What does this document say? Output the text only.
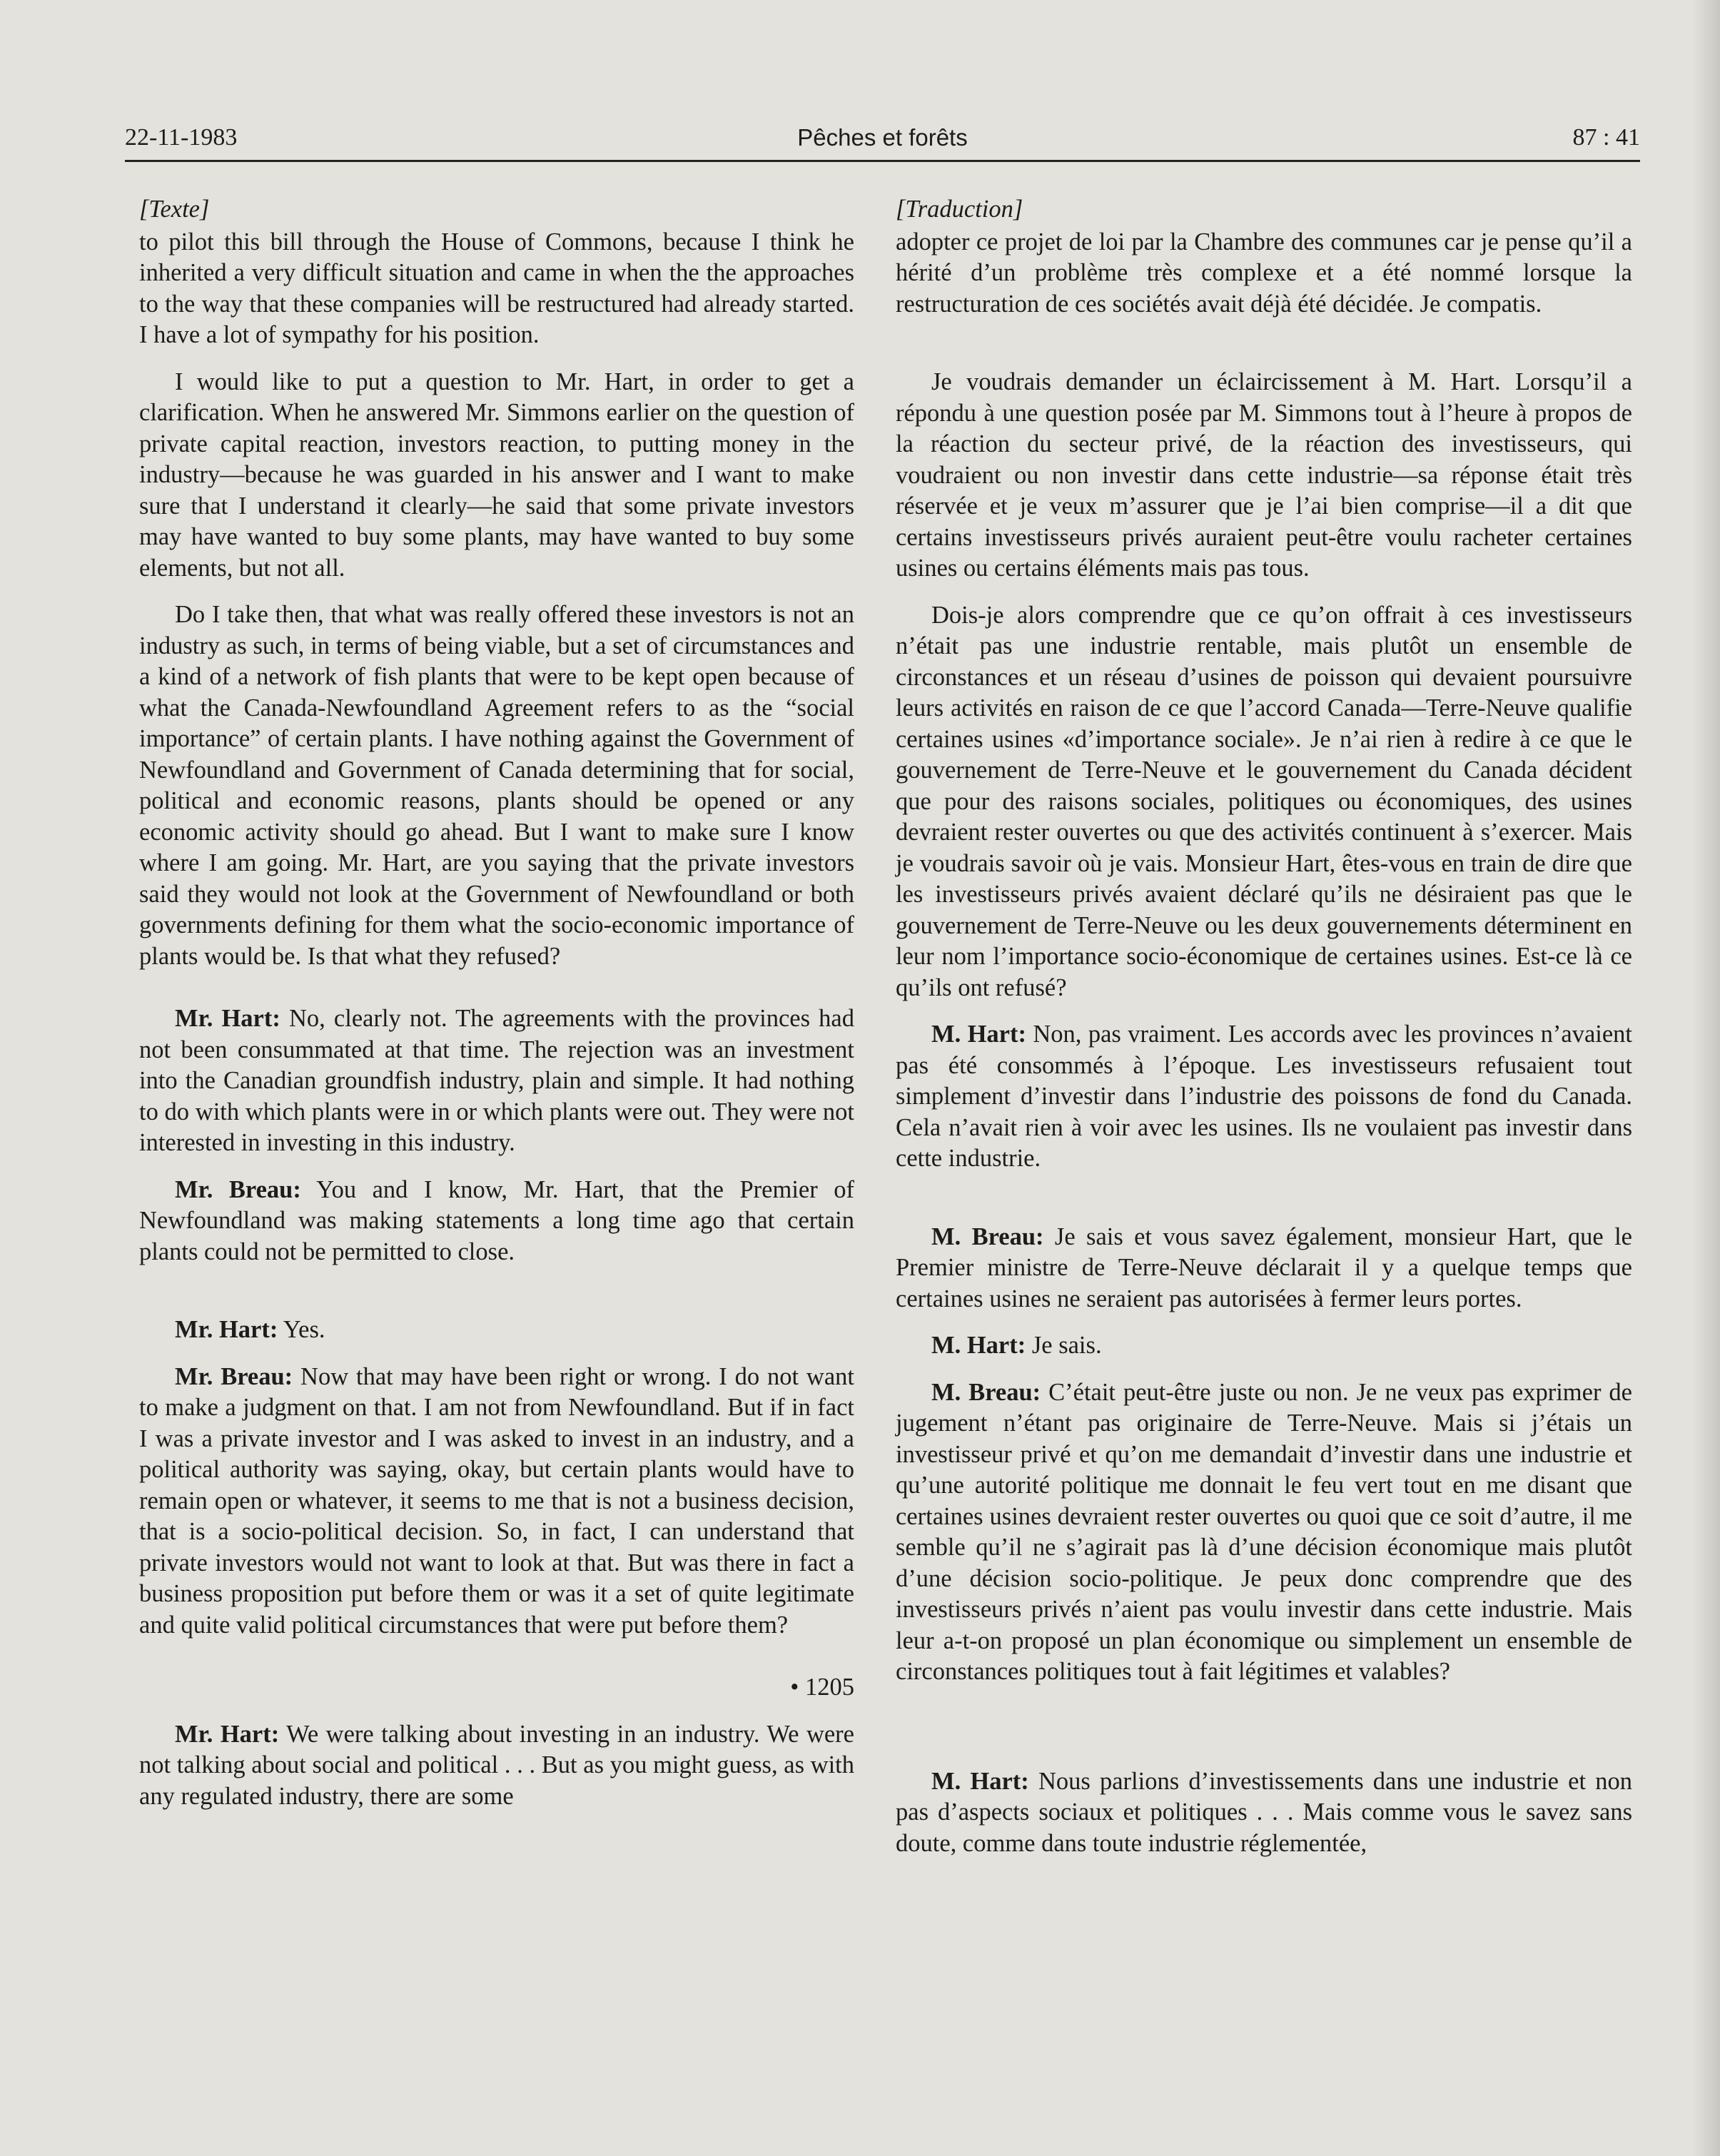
22-11-1983	Pêches et forêts	87 : 41
[Texte]

to pilot this bill through the House of Commons, because I think he inherited a very difficult situation and came in when the the approaches to the way that these companies will be restructured had already started. I have a lot of sympathy for his position.

I would like to put a question to Mr. Hart, in order to get a clarification. When he answered Mr. Simmons earlier on the question of private capital reaction, investors reaction, to putting money in the industry—because he was guarded in his answer and I want to make sure that I understand it clearly—he said that some private investors may have wanted to buy some plants, may have wanted to buy some elements, but not all.

Do I take then, that what was really offered these investors is not an industry as such, in terms of being viable, but a set of circumstances and a kind of a network of fish plants that were to be kept open because of what the Canada-Newfoundland Agreement refers to as the “social importance” of certain plants. I have nothing against the Government of Newfoundland and Government of Canada determining that for social, political and economic reasons, plants should be opened or any economic activity should go ahead. But I want to make sure I know where I am going. Mr. Hart, are you saying that the private investors said they would not look at the Government of Newfoundland or both governments defining for them what the socio-economic importance of plants would be. Is that what they refused?

Mr. Hart: No, clearly not. The agreements with the provinces had not been consummated at that time. The rejection was an investment into the Canadian groundfish industry, plain and simple. It had nothing to do with which plants were in or which plants were out. They were not interested in investing in this industry.

Mr. Breau: You and I know, Mr. Hart, that the Premier of Newfoundland was making statements a long time ago that certain plants could not be permitted to close.

Mr. Hart: Yes.

Mr. Breau: Now that may have been right or wrong. I do not want to make a judgment on that. I am not from Newfoundland. But if in fact I was a private investor and I was asked to invest in an industry, and a political authority was saying, okay, but certain plants would have to remain open or whatever, it seems to me that is not a business decision, that is a socio-political decision. So, in fact, I can understand that private investors would not want to look at that. But was there in fact a business proposition put before them or was it a set of quite legitimate and quite valid political circumstances that were put before them?

• 1205

Mr. Hart: We were talking about investing in an industry. We were not talking about social and political . . . But as you might guess, as with any regulated industry, there are some

[Traduction]

adopter ce projet de loi par la Chambre des communes car je pense qu’il a hérité d’un problème très complexe et a été nommé lorsque la restructuration de ces sociétés avait déjà été décidée. Je compatis.

Je voudrais demander un éclaircissement à M. Hart. Lorsqu’il a répondu à une question posée par M. Simmons tout à l’heure à propos de la réaction du secteur privé, de la réaction des investisseurs, qui voudraient ou non investir dans cette industrie—sa réponse était très réservée et je veux m’assurer que je l’ai bien comprise—il a dit que certains investisseurs privés auraient peut-être voulu racheter certaines usines ou certains éléments mais pas tous.

Dois-je alors comprendre que ce qu’on offrait à ces investisseurs n’était pas une industrie rentable, mais plutôt un ensemble de circonstances et un réseau d’usines de poisson qui devaient poursuivre leurs activités en raison de ce que l’accord Canada—Terre-Neuve qualifie certaines usines «d’importance sociale». Je n’ai rien à redire à ce que le gouvernement de Terre-Neuve et le gouvernement du Canada décident que pour des raisons sociales, politiques ou économiques, des usines devraient rester ouvertes ou que des activités continuent à s’exercer. Mais je voudrais savoir où je vais. Monsieur Hart, êtes-vous en train de dire que les investisseurs privés avaient déclaré qu’ils ne désiraient pas que le gouvernement de Terre-Neuve ou les deux gouvernements déterminent en leur nom l’importance socio-économique de certaines usines. Est-ce là ce qu’ils ont refusé?

M. Hart: Non, pas vraiment. Les accords avec les provinces n’avaient pas été consommés à l’époque. Les investisseurs refusaient tout simplement d’investir dans l’industrie des poissons de fond du Canada. Cela n’avait rien à voir avec les usines. Ils ne voulaient pas investir dans cette industrie.

M. Breau: Je sais et vous savez également, monsieur Hart, que le Premier ministre de Terre-Neuve déclarait il y a quelque temps que certaines usines ne seraient pas autorisées à fermer leurs portes.

M. Hart: Je sais.

M. Breau: C’était peut-être juste ou non. Je ne veux pas exprimer de jugement n’étant pas originaire de Terre-Neuve. Mais si j’étais un investisseur privé et qu’on me demandait d’investir dans une industrie et qu’une autorité politique me donnait le feu vert tout en me disant que certaines usines devraient rester ouvertes ou quoi que ce soit d’autre, il me semble qu’il ne s’agirait pas là d’une décision économique mais plutôt d’une décision socio-politique. Je peux donc comprendre que des investisseurs privés n’aient pas voulu investir dans cette industrie. Mais leur a-t-on proposé un plan économique ou simplement un ensemble de circonstances politiques tout à fait légitimes et valables?

M. Hart: Nous parlions d’investissements dans une industrie et non pas d’aspects sociaux et politiques . . . Mais comme vous le savez sans doute, comme dans toute industrie réglementée,
